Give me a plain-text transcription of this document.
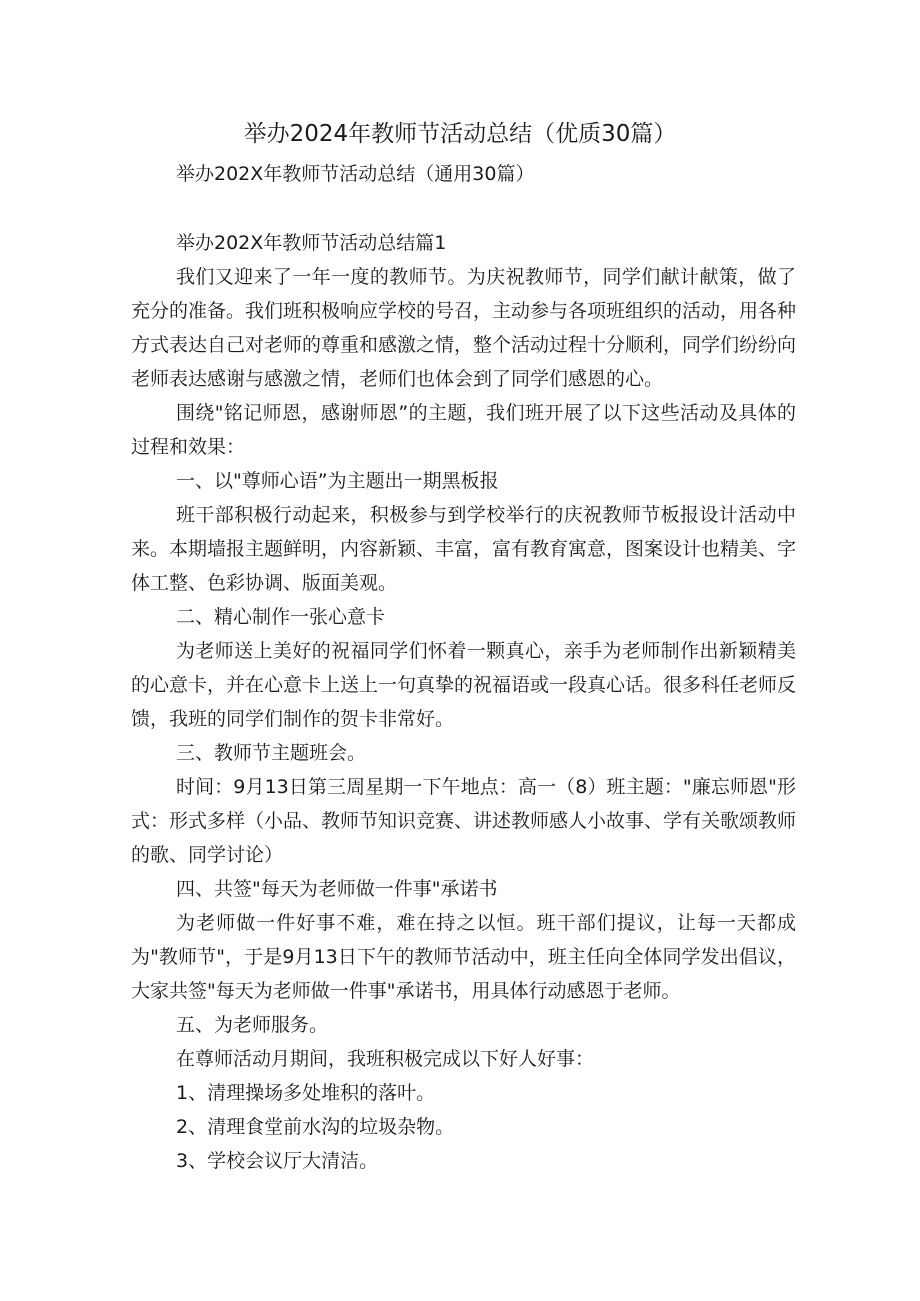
举办2024年教师节活动总结（优质30篇）

举办202X年教师节活动总结（通用30篇）

举办202X年教师节活动总结篇1

我们又迎来了一年一度的教师节。为庆祝教师节，同学们献计献策，做了充分的准备。我们班积极响应学校的号召，主动参与各项班组织的活动，用各种方式表达自己对老师的尊重和感激之情，整个活动过程十分顺利，同学们纷纷向老师表达感谢与感激之情，老师们也体会到了同学们感恩的心。

围绕"铭记师恩，感谢师恩”的主题，我们班开展了以下这些活动及具体的过程和效果：

一、以"尊师心语”为主题出一期黑板报

班干部积极行动起来，积极参与到学校举行的庆祝教师节板报设计活动中来。本期墙报主题鲜明，内容新颖、丰富，富有教育寓意，图案设计也精美、字体工整、色彩协调、版面美观。

二、精心制作一张心意卡

为老师送上美好的祝福同学们怀着一颗真心，亲手为老师制作出新颖精美的心意卡，并在心意卡上送上一句真挚的祝福语或一段真心话。很多科任老师反馈，我班的同学们制作的贺卡非常好。

三、教师节主题班会。

时间：9月13日第三周星期一下午地点：高一（8）班主题："廉忘师恩"形式：形式多样（小品、教师节知识竞赛、讲述教师感人小故事、学有关歌颂教师的歌、同学讨论）

四、共签"每天为老师做一件事"承诺书

为老师做一件好事不难，难在持之以恒。班干部们提议，让每一天都成为"教师节"，于是9月13日下午的教师节活动中，班主任向全体同学发出倡议，大家共签"每天为老师做一件事"承诺书，用具体行动感恩于老师。

五、为老师服务。

在尊师活动月期间，我班积极完成以下好人好事：

1、清理操场多处堆积的落叶。

2、清理食堂前水沟的垃圾杂物。

3、学校会议厅大清洁。
